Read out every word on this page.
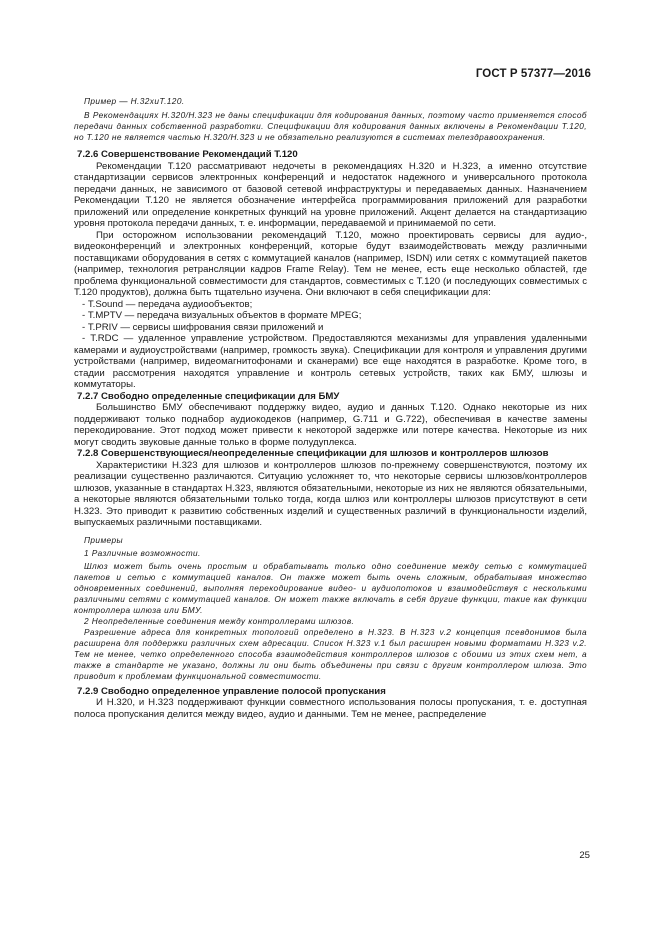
ГОСТ Р 57377—2016

Пример — Н.32хиТ.120.

В Рекомендациях Н.320/Н.323 не даны спецификации для кодирования данных, поэтому часто применяется способ передачи данных собственной разработки. Спецификации для кодирования данных включены в Рекомендации Т.120, но Т.120 не является частью Н.320/Н.323 и не обязательно реализуются в системах телездравоохранения.

7.2.6 Совершенствование Рекомендаций Т.120

Рекомендации Т.120 рассматривают недочеты в рекомендациях Н.320 и Н.323, а именно отсутствие стандартизации сервисов электронных конференций и недостаток надежного и универсального протокола передачи данных, не зависимого от базовой сетевой инфраструктуры и передаваемых данных. Назначением Рекомендации Т.120 не является обозначение интерфейса программирования приложений для разработки приложений или определение конкретных функций на уровне приложений. Акцент делается на стандартизацию уровня протокола передачи данных, т. е. информации, передаваемой и принимаемой по сети.

При осторожном использовании рекомендаций Т.120, можно проектировать сервисы для аудио-, видеоконференций и электронных конференций, которые будут взаимодействовать между различными поставщиками оборудования в сетях с коммутацией каналов (например, ISDN) или сетях с коммутацией пакетов (например, технология ретрансляции кадров Frame Relay). Тем не менее, есть еще несколько областей, где проблема функциональной совместимости для стандартов, совместимых с Т.120 (и последующих совместимых с Т.120 продуктов), должна быть тщательно изучена. Они включают в себя спецификации для:

- Т.Sound — передача аудиообъектов;

- Т.MPTV — передача визуальных объектов в формате MPEG;

- Т.PRIV — сервисы шифрования связи приложений и

- Т.RDC — удаленное управление устройством. Предоставляются механизмы для управления удаленными камерами и аудиоустройствами (например, громкость звука). Спецификации для контроля и управления другими устройствами (например, видеомагнитофонами и сканерами) все еще находятся в разработке. Кроме того, в стадии рассмотрения находятся управление и контроль сетевых устройств, таких как БМУ, шлюзы и коммутаторы.

7.2.7 Свободно определенные спецификации для БМУ

Большинство БМУ обеспечивают поддержку видео, аудио и данных Т.120. Однако некоторые из них поддерживают только поднабор аудиокодеков (например, G.711 и G.722), обеспечивая в качестве замены перекодирование. Этот подход может привести к некоторой задержке или потере качества. Некоторые из них могут сводить звуковые данные только в форме полудуплекса.

7.2.8 Совершенствующиеся/неопределенные спецификации для шлюзов и контроллеров шлюзов

Характеристики Н.323 для шлюзов и контроллеров шлюзов по-прежнему совершенствуются, поэтому их реализации существенно различаются. Ситуацию усложняет то, что некоторые сервисы шлюзов/контроллеров шлюзов, указанные в стандартах Н.323, являются обязательными, некоторые из них не являются обязательными, а некоторые являются обязательными только тогда, когда шлюз или контроллеры шлюзов присутствуют в сети Н.323. Это приводит к развитию собственных изделий и существенных различий в функциональности изделий, выпускаемых различными поставщиками.

Примеры

1 Различные возможности.

Шлюз может быть очень простым и обрабатывать только одно соединение между сетью с коммутацией пакетов и сетью с коммутацией каналов. Он также может быть очень сложным, обрабатывая множество одновременных соединений, выполняя перекодирование видео- и аудиопотоков и взаимодействуя с несколькими различными сетями с коммутацией каналов. Он может также включать в себя другие функции, такие как функции контроллера шлюза или БМУ.

2 Неопределенные соединения между контроллерами шлюзов.

Разрешение адреса для конкретных топологий определено в Н.323. В Н.323 v.2 концепция псевдонимов была расширена для поддержки различных схем адресации. Список Н.323 v.1 был расширен новыми форматами Н.323 v.2. Тем не менее, четко определенного способа взаимодействия контроллеров шлюзов с обоими из этих схем нет, а также в стандарте не указано, должны ли они быть объединены при связи с другим контроллером шлюза. Это приводит к проблемам функциональной совместимости.

7.2.9 Свободно определенное управление полосой пропускания

И Н.320, и Н.323 поддерживают функции совместного использования полосы пропускания, т. е. доступная полоса пропускания делится между видео, аудио и данными. Тем не менее, распределение

25
